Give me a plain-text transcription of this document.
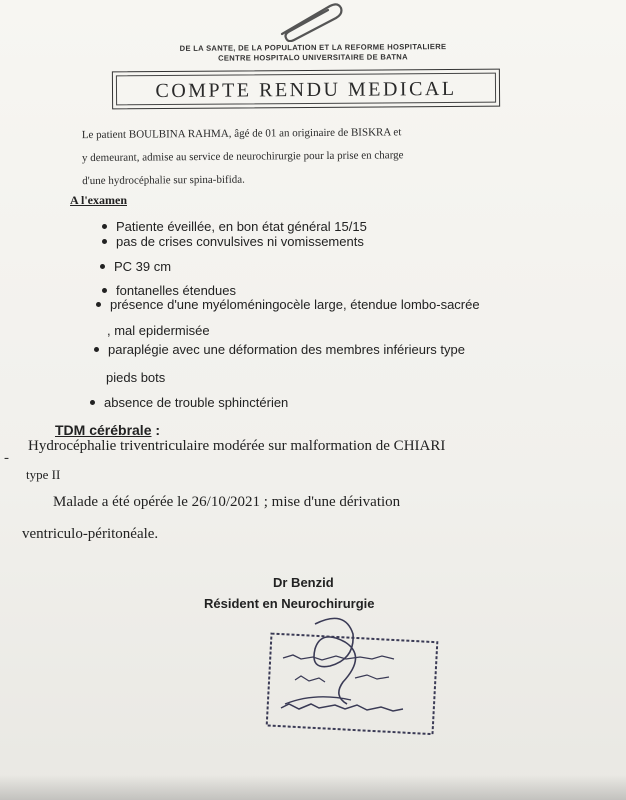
DE LA SANTE, DE LA POPULATION ET LA REFORME HOSPITALIERE
CENTRE HOSPITALO UNIVERSITAIRE DE BATNA
COMPTE RENDU MEDICAL

Le patient BOULBINA RAHMA, âgé de 01 an originaire de BISKRA et

y demeurant, admise au service de neurochirurgie pour la prise en charge

d'une hydrocéphalie sur spina-bifida.

A l'examen
Patiente éveillée, en bon état général 15/15
pas de crises convulsives ni vomissements
PC 39 cm
fontanelles étendues
présence d'une myéloméningocèle large, étendue lombo-sacrée
, mal epidermisée
paraplégie avec une déformation des membres inférieurs type
pieds bots
absence de trouble sphinctérien
TDM cérébrale :
-
Hydrocéphalie triventriculaire modérée sur malformation de CHIARI
type II
Malade a été opérée le 26/10/2021 ; mise d'une dérivation
ventriculo-péritonéale.
Dr Benzid
Résident en Neurochirurgie
